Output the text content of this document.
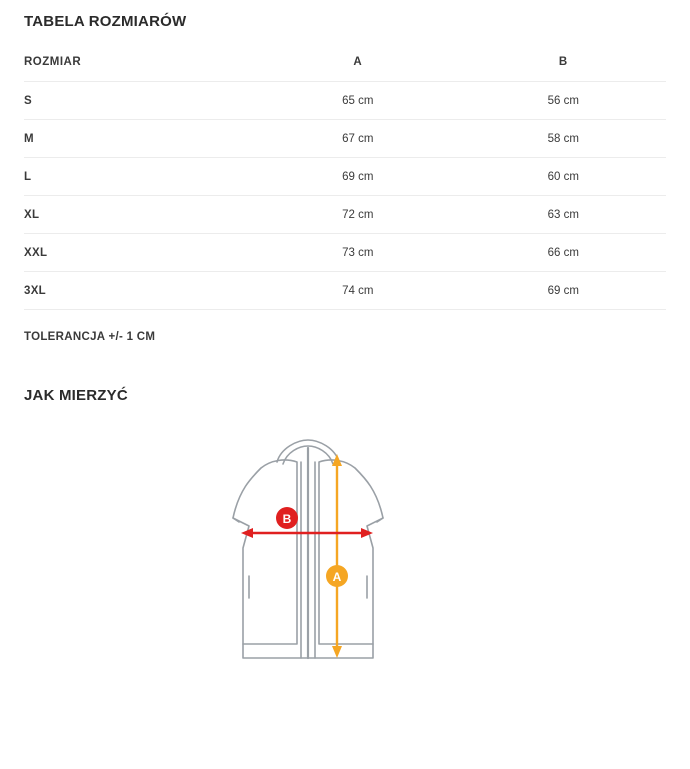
TABELA ROZMIARÓW
ROZMIAR	A	B
S	65 cm	56 cm
M	67 cm	58 cm
L	69 cm	60 cm
XL	72 cm	63 cm
XXL	73 cm	66 cm
3XL	74 cm	69 cm
TOLERANCJA +/- 1 CM
JAK MIERZYĆ
A
B
